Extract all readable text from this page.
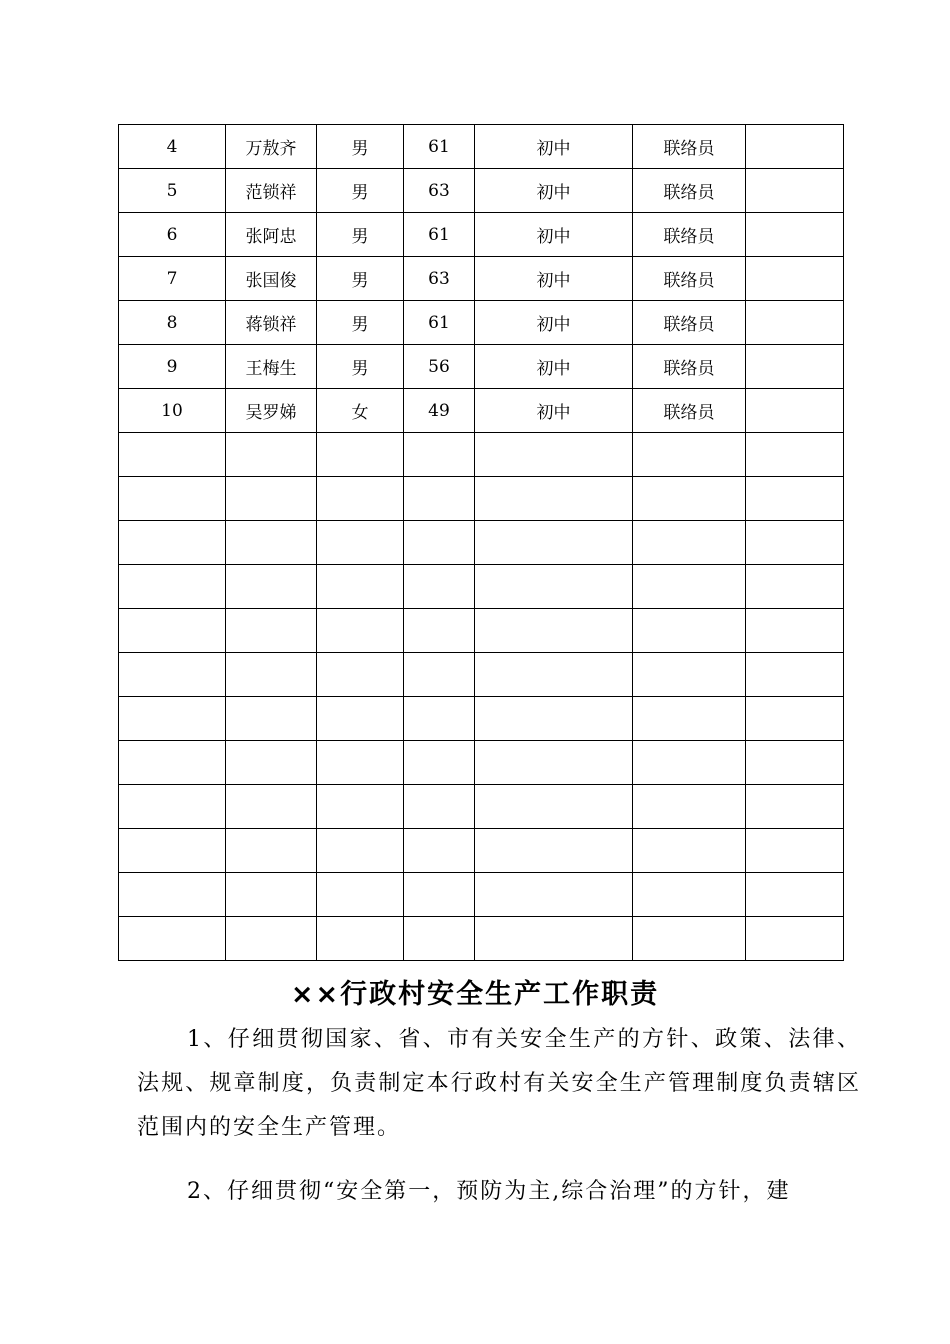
4	万敖齐	男	61	初中	联络员	
5	范锁祥	男	63	初中	联络员	
6	张阿忠	男	61	初中	联络员	
7	张国俊	男	63	初中	联络员	
8	蒋锁祥	男	61	初中	联络员	
9	王梅生	男	56	初中	联络员	
10	吴罗娣	女	49	初中	联络员	

××行政村安全生产工作职责

1、仔细贯彻国家、省、市有关安全生产的方针、政策、法律、法规、规章制度，负责制定本行政村有关安全生产管理制度负责辖区范围内的安全生产管理。

2、仔细贯彻“安全第一，预防为主,综合治理”的方针，建
